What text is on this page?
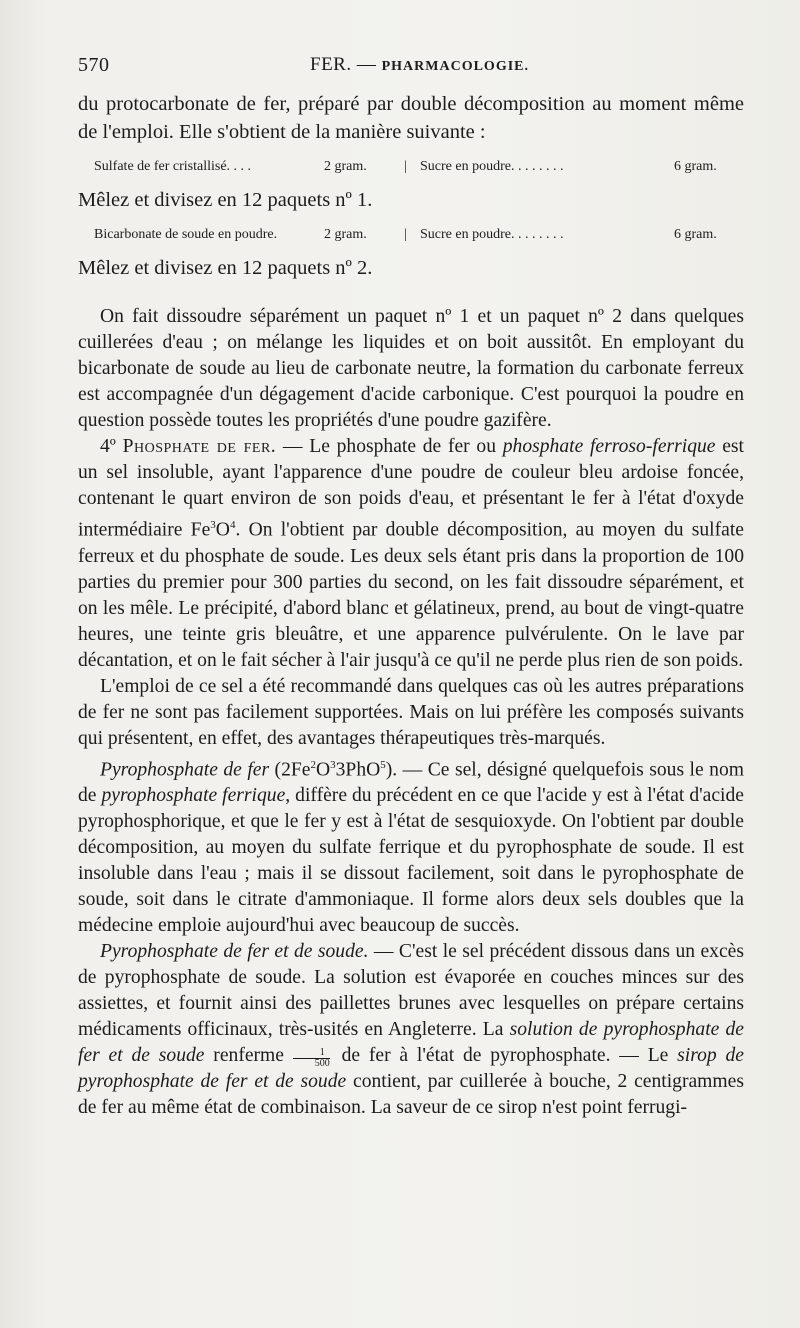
570	FER. — PHARMACOLOGIE.

du protocarbonate de fer, préparé par double décomposition au moment même de l'emploi. Elle s'obtient de la manière suivante :

Sulfate de fer cristallisé. . . .	2 gram.	| Sucre en poudre. . . . . . . .	6 gram.

Mêlez et divisez en 12 paquets nº 1.

Bicarbonate de soude en poudre.	2 gram.	| Sucre en poudre. . . . . . . .	6 gram.

Mêlez et divisez en 12 paquets nº 2.

On fait dissoudre séparément un paquet nº 1 et un paquet nº 2 dans quelques cuillerées d'eau ; on mélange les liquides et on boit aussitôt. En employant du bicarbonate de soude au lieu de carbonate neutre, la formation du carbonate ferreux est accompagnée d'un dégagement d'acide carbonique. C'est pourquoi la poudre en question possède toutes les propriétés d'une poudre gazifère.

4º Phosphate de fer. — Le phosphate de fer ou phosphate ferroso-ferrique est un sel insoluble, ayant l'apparence d'une poudre de couleur bleu ardoise foncée, contenant le quart environ de son poids d'eau, et présentant le fer à l'état d'oxyde intermédiaire $Fe^3O^4$. On l'obtient par double décomposition, au moyen du sulfate ferreux et du phosphate de soude. Les deux sels étant pris dans la proportion de 100 parties du premier pour 300 parties du second, on les fait dissoudre séparément, et on les mêle. Le précipité, d'abord blanc et gélatineux, prend, au bout de vingt-quatre heures, une teinte gris bleuâtre, et une apparence pulvérulente. On le lave par décantation, et on le fait sécher à l'air jusqu'à ce qu'il ne perde plus rien de son poids.

L'emploi de ce sel a été recommandé dans quelques cas où les autres préparations de fer ne sont pas facilement supportées. Mais on lui préfère les composés suivants qui présentent, en effet, des avantages thérapeutiques très-marqués.

Pyrophosphate de fer $(2Fe^2O^33PhO^5)$. — Ce sel, désigné quelquefois sous le nom de pyrophosphate ferrique, diffère du précédent en ce que l'acide y est à l'état d'acide pyrophosphorique, et que le fer y est à l'état de sesquioxyde. On l'obtient par double décomposition, au moyen du sulfate ferrique et du pyrophosphate de soude. Il est insoluble dans l'eau ; mais il se dissout facilement, soit dans le pyrophosphate de soude, soit dans le citrate d'ammoniaque. Il forme alors deux sels doubles que la médecine emploie aujourd'hui avec beaucoup de succès.

Pyrophosphate de fer et de soude. — C'est le sel précédent dissous dans un excès de pyrophosphate de soude. La solution est évaporée en couches minces sur des assiettes, et fournit ainsi des paillettes brunes avec lesquelles on prépare certains médicaments officinaux, très-usités en Angleterre. La solution de pyrophosphate de fer et de soude renferme $\frac{1}{500}$ de fer à l'état de pyrophosphate. — Le sirop de pyrophosphate de fer et de soude contient, par cuillerée à bouche, 2 centigrammes de fer au même état de combinaison. La saveur de ce sirop n'est point ferrugi-
